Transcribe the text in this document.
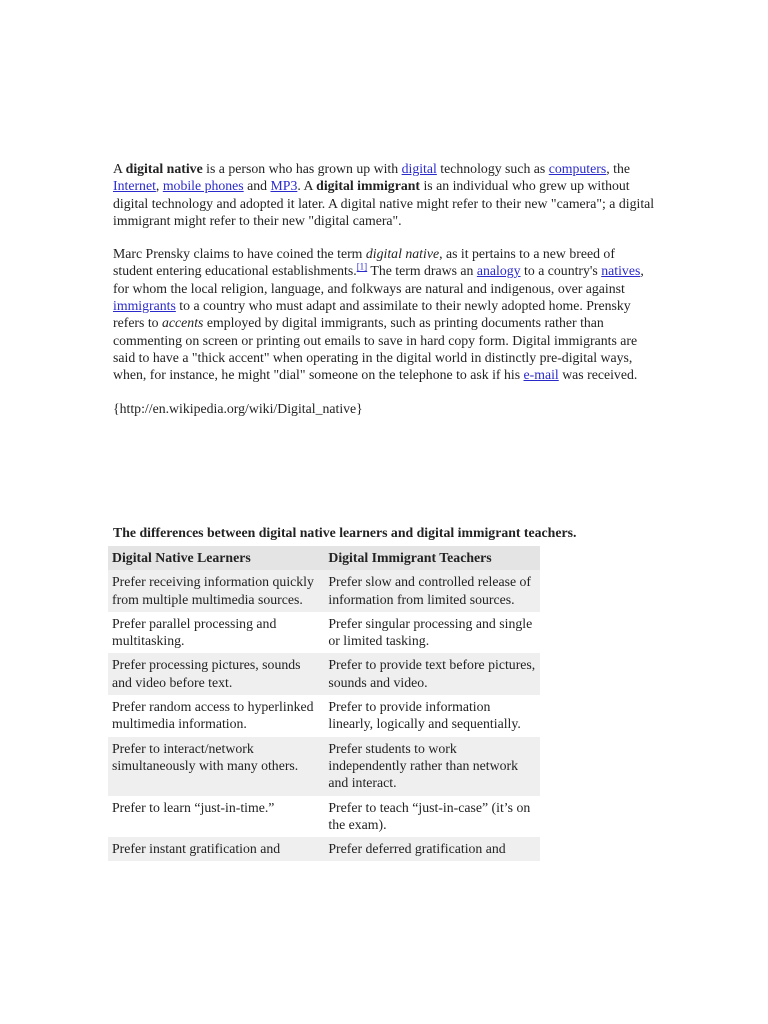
A digital native is a person who has grown up with digital technology such as computers, the Internet, mobile phones and MP3. A digital immigrant is an individual who grew up without digital technology and adopted it later. A digital native might refer to their new "camera"; a digital immigrant might refer to their new "digital camera".

Marc Prensky claims to have coined the term digital native, as it pertains to a new breed of student entering educational establishments.[1] The term draws an analogy to a country's natives, for whom the local religion, language, and folkways are natural and indigenous, over against immigrants to a country who must adapt and assimilate to their newly adopted home. Prensky refers to accents employed by digital immigrants, such as printing documents rather than commenting on screen or printing out emails to save in hard copy form. Digital immigrants are said to have a "thick accent" when operating in the digital world in distinctly pre-digital ways, when, for instance, he might "dial" someone on the telephone to ask if his e-mail was received.

{http://en.wikipedia.org/wiki/Digital_native}

The differences between digital native learners and digital immigrant teachers.
Digital Native Learners	Digital Immigrant Teachers
Prefer receiving information quickly from multiple multimedia sources.	Prefer slow and controlled release of information from limited sources.
Prefer parallel processing and multitasking.	Prefer singular processing and single or limited tasking.
Prefer processing pictures, sounds and video before text.	Prefer to provide text before pictures, sounds and video.
Prefer random access to hyperlinked multimedia information.	Prefer to provide information linearly, logically and sequentially.
Prefer to interact/network simultaneously with many others.	Prefer students to work independently rather than network and interact.
Prefer to learn “just-in-time.”	Prefer to teach “just-in-case” (it’s on the exam).
Prefer instant gratification and	Prefer deferred gratification and
